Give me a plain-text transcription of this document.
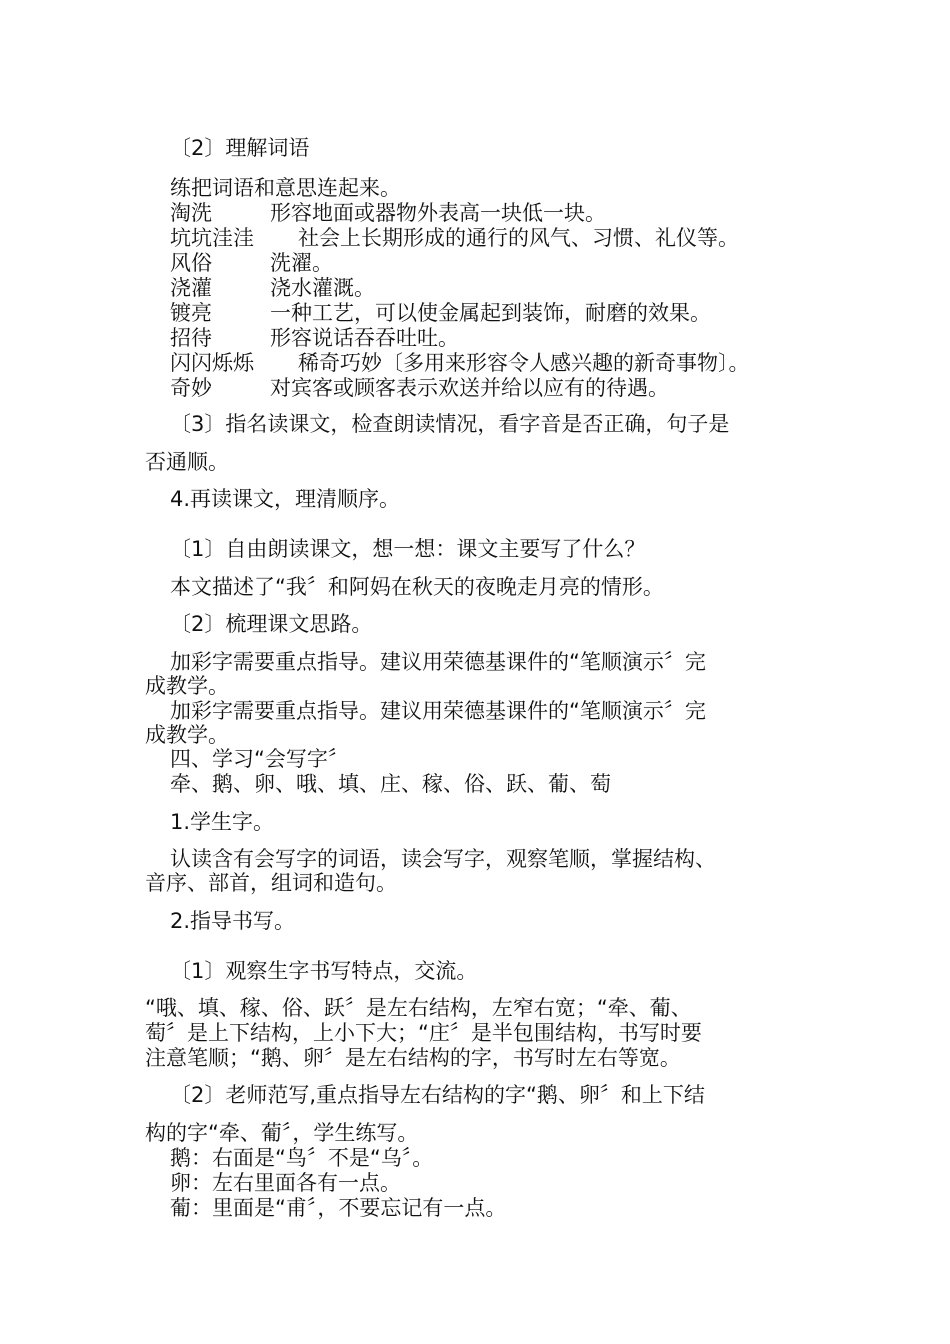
〔2〕理解词语

练把词语和意思连起来。

淘洗	形容地面或器物外表高一块低一块。
坑坑洼洼 社会上长期形成的通行的风气、习惯、礼仪等。
风俗	洗濯。
浇灌	浇水灌溉。
镀亮	一种工艺，可以使金属起到装饰，耐磨的效果。
招待	形容说话吞吞吐吐。
闪闪烁烁 稀奇巧妙〔多用来形容令人感兴趣的新奇事物〕。
奇妙	对宾客或顾客表示欢送并给以应有的待遇。

〔3〕指名读课文，检查朗读情况，看字音是否正确，句子是

否通顺。

4.再读课文，理清顺序。

〔1〕自由朗读课文，想一想：课文主要写了什么？

本文描述了“我〞和阿妈在秋天的夜晚走月亮的情形。

〔2〕梳理课文思路。

加彩字需要重点指导。建议用荣德基课件的“笔顺演示〞完

成教学。

加彩字需要重点指导。建议用荣德基课件的“笔顺演示〞完

成教学。

四、学习“会写字〞

牵、鹅、卵、哦、填、庄、稼、俗、跃、葡、萄

1.学生字。

认读含有会写字的词语，读会写字，观察笔顺，掌握结构、

音序、部首，组词和造句。

2.指导书写。

〔1〕观察生字书写特点，交流。

“哦、填、稼、俗、跃〞是左右结构，左窄右宽；“牵、葡、

萄〞是上下结构，上小下大；“庄〞是半包围结构，书写时要

注意笔顺；“鹅、卵〞是左右结构的字，书写时左右等宽。

〔2〕老师范写,重点指导左右结构的字“鹅、卵〞和上下结

构的字“牵、葡〞，学生练写。

鹅：右面是“鸟〞不是“乌〞。

卵：左右里面各有一点。

葡：里面是“甫〞，不要忘记有一点。
